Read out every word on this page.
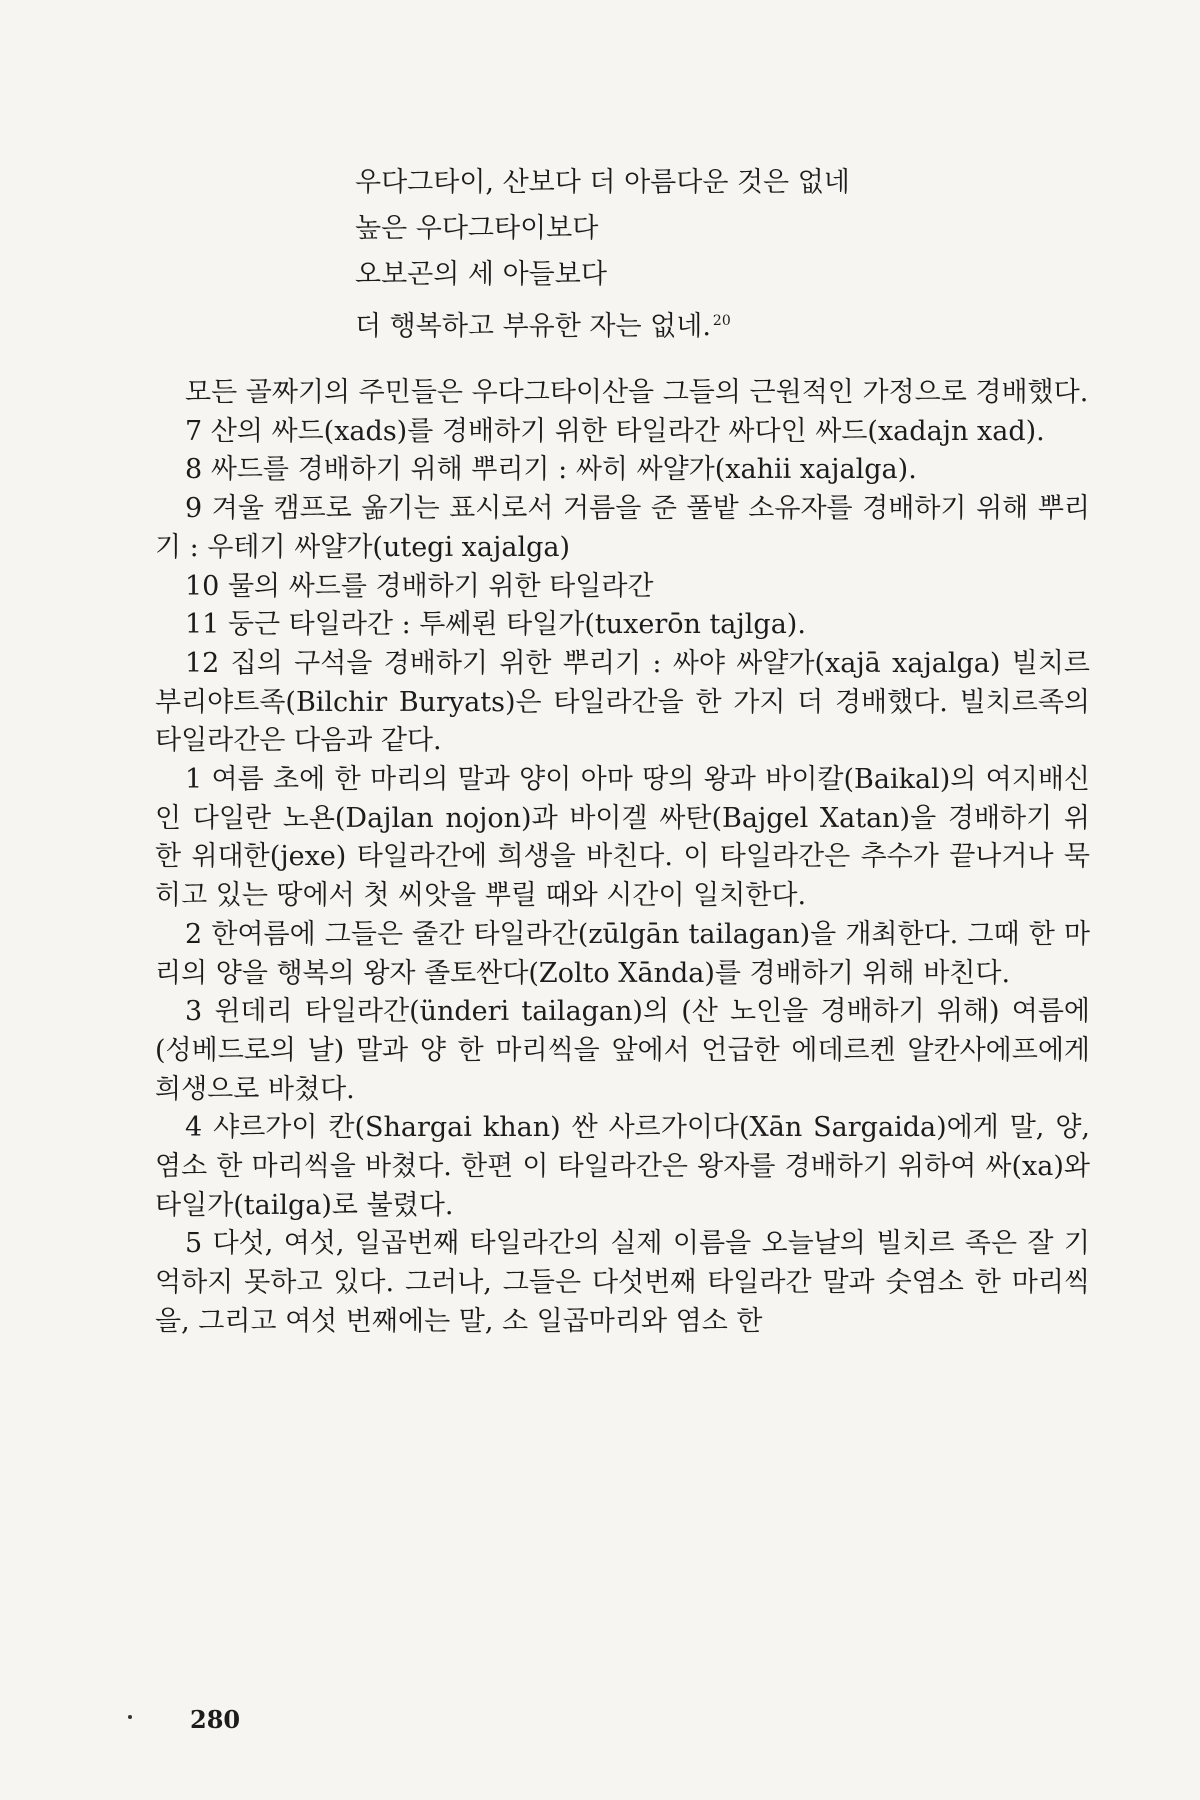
우다그타이, 산보다 더 아름다운 것은 없네
높은 우다그타이보다
오보곤의 세 아들보다
더 행복하고 부유한 자는 없네. $^{20}$

모든 골짜기의 주민들은 우다그타이산을 그들의 근원적인 가정으로 경배했다.

7 산의 싸드(xads)를 경배하기 위한 타일라간 싸다인 싸드(xadajn xad).

8 싸드를 경배하기 위해 뿌리기 : 싸히 싸얄가(xahii xajalga).

9 겨울 캠프로 옮기는 표시로서 거름을 준 풀밭 소유자를 경배하기 위해 뿌리기 : 우테기 싸얄가(utegi xajalga)

10 물의 싸드를 경배하기 위한 타일라간

11 둥근 타일라간 : 투쎄뢴 타일가(tuxerōn tajlga).

12 집의 구석을 경배하기 위한 뿌리기 : 싸야 싸얄가(xajā xajalga) 빌치르 부리야트족(Bilchir Buryats)은 타일라간을 한 가지 더 경배했다. 빌치르족의 타일라간은 다음과 같다.

1 여름 초에 한 마리의 말과 양이 아마 땅의 왕과 바이칼(Baikal)의 여지배신인 다일란 노욘(Dajlan nojon)과 바이겔 싸탄(Bajgel Xatan)을 경배하기 위한 위대한(jexe) 타일라간에 희생을 바친다. 이 타일라간은 추수가 끝나거나 묵히고 있는 땅에서 첫 씨앗을 뿌릴 때와 시간이 일치한다.

2 한여름에 그들은 줄간 타일라간(zūlgān tailagan)을 개최한다. 그때 한 마리의 양을 행복의 왕자 졸토싼다(Zolto Xānda)를 경배하기 위해 바친다.

3 윈데리 타일라간(ünderi tailagan)의 (산 노인을 경배하기 위해) 여름에(성베드로의 날) 말과 양 한 마리씩을 앞에서 언급한 에데르켄 알칸사에프에게 희생으로 바쳤다.

4 샤르가이 칸(Shargai khan) 싼 사르가이다(Xān Sargaida)에게 말, 양, 염소 한 마리씩을 바쳤다. 한편 이 타일라간은 왕자를 경배하기 위하여 싸(xa)와 타일가(tailga)로 불렸다.

5 다섯, 여섯, 일곱번째 타일라간의 실제 이름을 오늘날의 빌치르 족은 잘 기억하지 못하고 있다. 그러나, 그들은 다섯번째 타일라간 말과 숫염소 한 마리씩을, 그리고 여섯 번째에는 말, 소 일곱마리와 염소 한

280
